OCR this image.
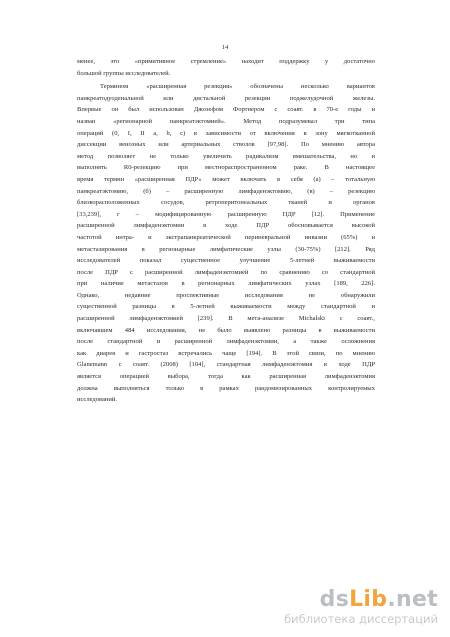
14
менее, это «примитивное стремление» находит поддержку у достаточно
большой группы исследователей.
Термином «расширенная резекция» обозначены несколько вариантов
панкреатодуоденальной или дистальной резекции поджелудочной железы.
Впервые он был использован Джозефом Фортнером с соавт. в 70-е годы и
назван «регионарной панкреатэктомией». Метод подразумевал три типа
операций (0, I, II a, b, c) в зависимости от включения в зону мягкотканной
диссекции венозных или артериальных стволов [97,98]. По мнению автора
метод позволяет не только увеличить радикализм вмешательства, но и
выполнять R0-резекцию при местнораспространенном раке. В настоящее
время термин «расширенная ПДР» может включать в себя (а) – тотальную
панкреатэктомию, (б) – расширенную лимфаденэктомию, (в) – резекцию
близкорасположенных сосудов, ретроперитонеальных тканей и органов
[33,239], г – модифицированную расширенную ПДР [12]. Применение
расширенной лимфаденэктомии в ходе ПДР обосновывается высокой
частотой интра- и экстрапанкреатической периневральной инвазии (65%) и
метастазирования в регионарные лимфатические узлы (30-75%) [212]. Ряд
исследователей показал существенное улучшение 5-летней выживаемости
после ПДР с расширенной лимфаденэктомией по сравнению со стандартной
при наличие метастазов в регионарных лимфатических узлах [189, 226].
Однако, недавние проспективные исследования не обнаружили
существенной разницы в 5-летней выживаемости между стандартной и
расширенной лимфаденэктомией [239]. В мета-анализе Michalski с соавт.,
включавшем 484 исследования, не было выявлено разницы в выживаемости
после стандартной и расширенной лимфаденэктомии, а также осложнения
как диарея и гастростаз встречались чаще [194]. В этой связи, по мнению
Glanemann с соавт. (2008) [104], стандартная лимфаденэктомия в ходе ПДР
является операцией выбора, тогда как расширенная лимфаденэктомия
должна выполняться только в рамках рандомизированных контролируемых
исследований.
dsLib.net
библиотека диссертаций
